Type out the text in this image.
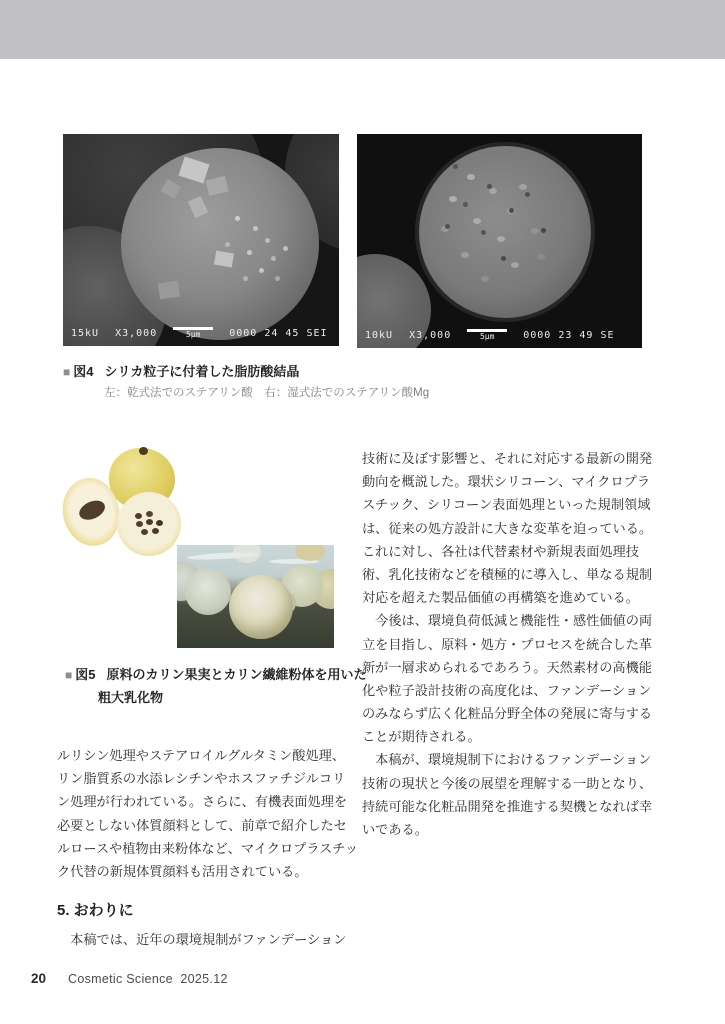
15kU X3,000	5μm	0000 24 45 SEI	10kU X3,000	5μm	0000 23 49 SE
■ 図4 シリカ粒子に付着した脂肪酸結晶
左：乾式法でのステアリン酸　右：湿式法でのステアリン酸Mg
■ 図5 原料のカリン果実とカリン繊維粉体を用いた
粗大乳化物
ルリシン処理やステアロイルグルタミン酸処理、
リン脂質系の水添レシチンやホスファチジルコリ
ン処理が行われている。さらに、有機表面処理を
必要としない体質顔料として、前章で紹介したセ
ルロースや植物由来粉体など、マイクロプラスチッ
ク代替の新規体質顔料も活用されている。
5. おわりに
　本稿では、近年の環境規制がファンデーション
技術に及ぼす影響と、それに対応する最新の開発
動向を概説した。環状シリコーン、マイクロプラ
スチック、シリコーン表面処理といった規制領域
は、従来の処方設計に大きな変革を迫っている。
これに対し、各社は代替素材や新規表面処理技
術、乳化技術などを積極的に導入し、単なる規制
対応を超えた製品価値の再構築を進めている。
　今後は、環境負荷低減と機能性・感性価値の両
立を目指し、原料・処方・プロセスを統合した革
新が一層求められるであろう。天然素材の高機能
化や粒子設計技術の高度化は、ファンデーション
のみならず広く化粧品分野全体の発展に寄与する
ことが期待される。
　本稿が、環境規制下におけるファンデーション
技術の現状と今後の展望を理解する一助となり、
持続可能な化粧品開発を推進する契機となれば幸
いである。
20 Cosmetic Science  2025.12
